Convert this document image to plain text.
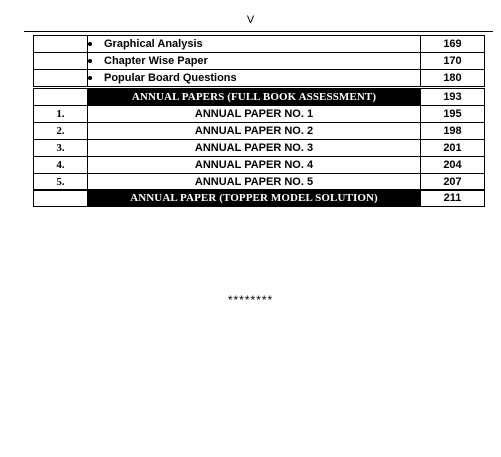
V
	Graphical Analysis	169
	Chapter Wise Paper	170
	Popular Board Questions	180
	ANNUAL PAPERS (FULL BOOK ASSESSMENT)	193
1.	ANNUAL PAPER NO. 1	195
2.	ANNUAL PAPER NO. 2	198
3.	ANNUAL PAPER NO. 3	201
4.	ANNUAL PAPER NO. 4	204
5.	ANNUAL PAPER NO. 5	207
	ANNUAL PAPER (TOPPER MODEL SOLUTION)	211
********
